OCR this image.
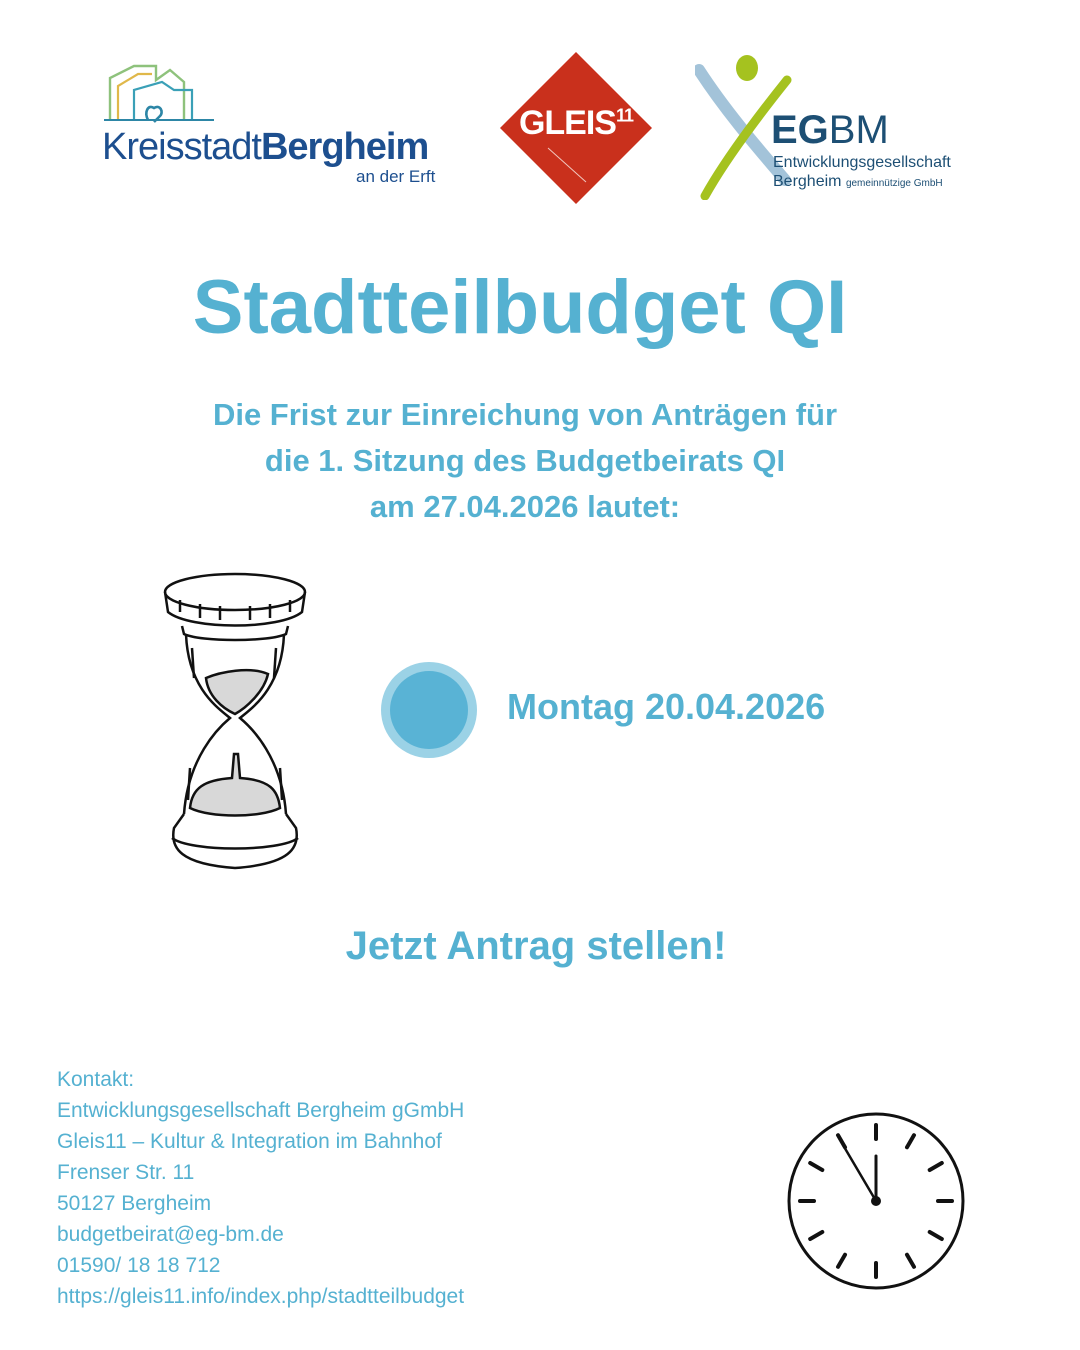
KreisstadtBergheim
an der Erft
GLEIS$^{11}$	EGBM
Entwicklungsgesellschaft
Bergheim gemeinnützige GmbH
Stadtteilbudget QI
Die Frist zur Einreichung von Anträgen für
die 1. Sitzung des Budgetbeirats QI
am 27.04.2026 lautet:
Montag 20.04.2026
Jetzt Antrag stellen!
Kontakt:
Entwicklungsgesellschaft Bergheim gGmbH
Gleis11 – Kultur & Integration im Bahnhof
Frenser Str. 11
50127 Bergheim
budgetbeirat@eg-bm.de
01590/ 18 18 712
https://gleis11.info/index.php/stadtteilbudget
